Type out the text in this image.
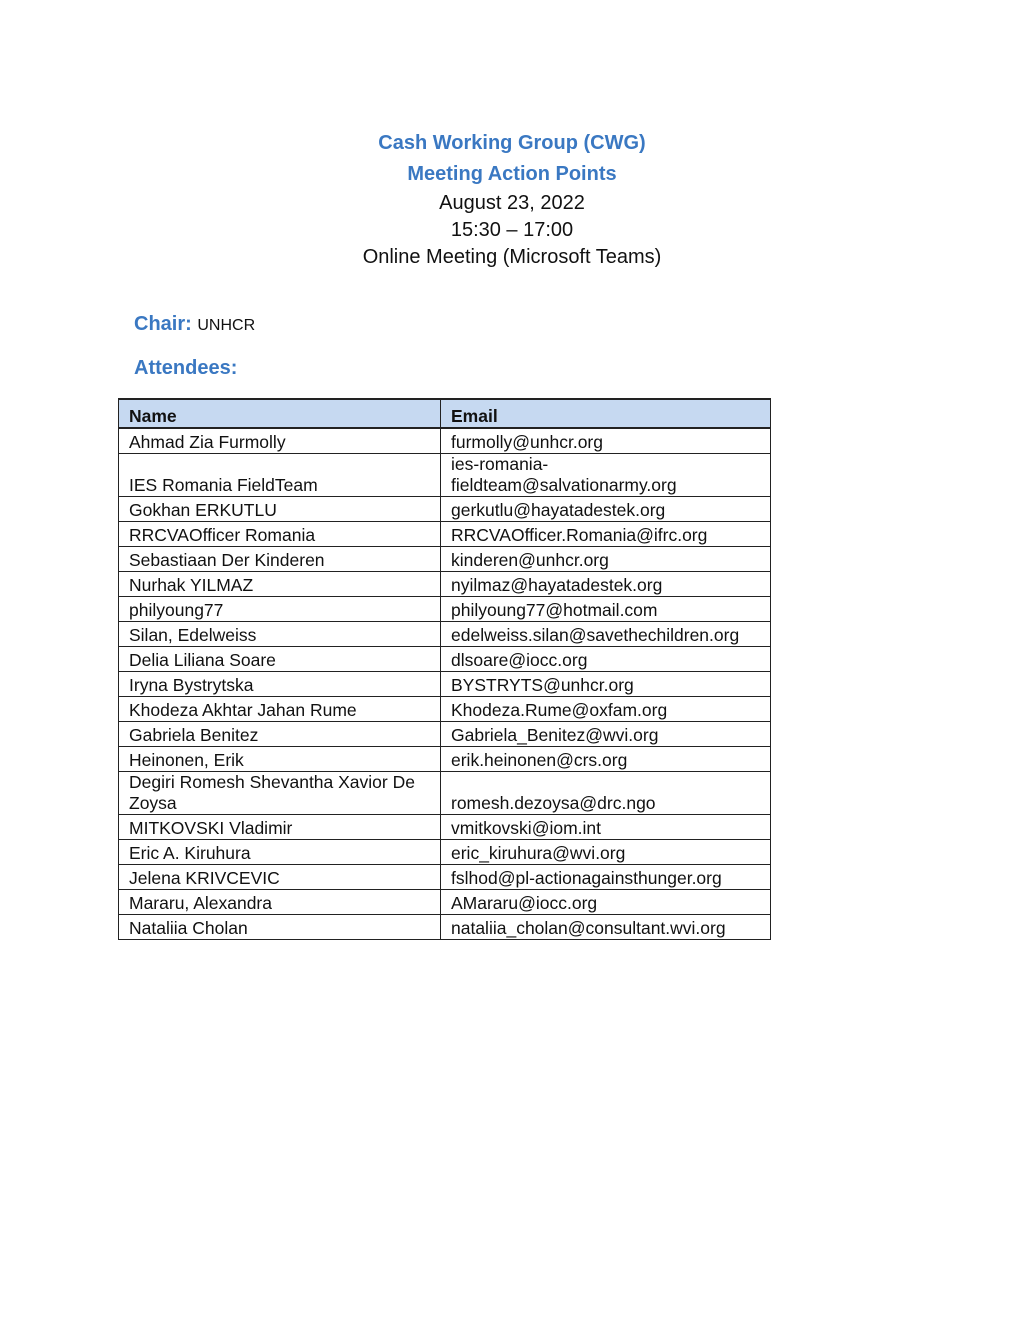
Cash Working Group (CWG)
Meeting Action Points
August 23, 2022
15:30 – 17:00
Online Meeting (Microsoft Teams)
Chair: UNHCR
Attendees:
Name	Email
Ahmad Zia Furmolly	furmolly@unhcr.org
IES Romania FieldTeam	ies-romania-
fieldteam@salvationarmy.org
Gokhan ERKUTLU	gerkutlu@hayatadestek.org
RRCVAOfficer Romania	RRCVAOfficer.Romania@ifrc.org
Sebastiaan Der Kinderen	kinderen@unhcr.org
Nurhak YILMAZ	nyilmaz@hayatadestek.org
philyoung77	philyoung77@hotmail.com
Silan, Edelweiss	edelweiss.silan@savethechildren.org
Delia Liliana Soare	dlsoare@iocc.org
Iryna Bystrytska	BYSTRYTS@unhcr.org
Khodeza Akhtar Jahan Rume	Khodeza.Rume@oxfam.org
Gabriela Benitez	Gabriela_Benitez@wvi.org
Heinonen, Erik	erik.heinonen@crs.org
Degiri Romesh Shevantha Xavior De Zoysa	romesh.dezoysa@drc.ngo
MITKOVSKI Vladimir	vmitkovski@iom.int
Eric A. Kiruhura	eric_kiruhura@wvi.org
Jelena KRIVCEVIC	fslhod@pl-actionagainsthunger.org
Mararu, Alexandra	AMararu@iocc.org
Nataliia Cholan	nataliia_cholan@consultant.wvi.org
